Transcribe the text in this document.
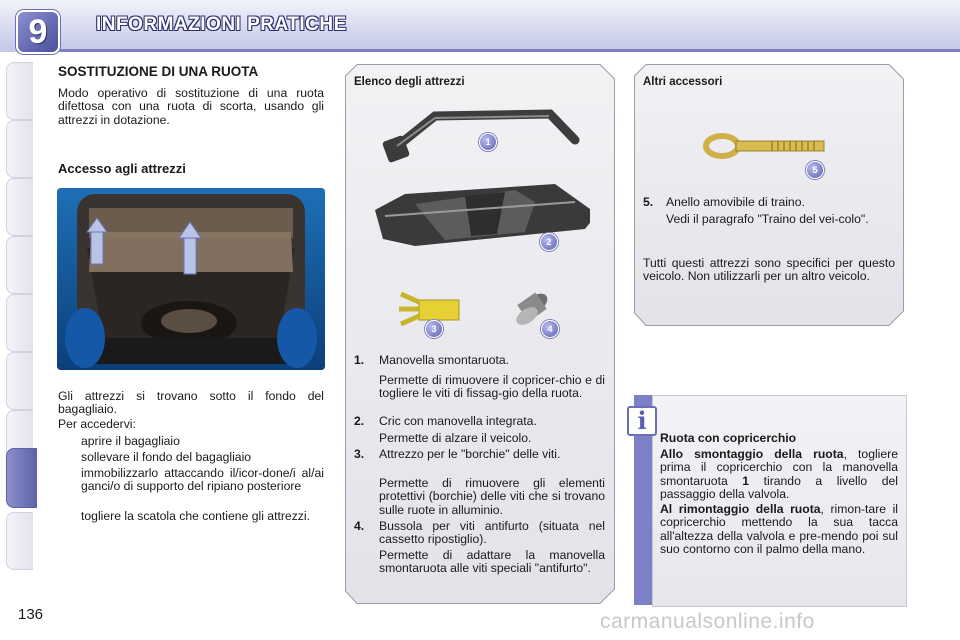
9	INFORMAZIONI PRATICHE
SOSTITUZIONE DI UNA RUOTA
Modo operativo di sostituzione di una ruota difettosa con una ruota di scorta, usando gli attrezzi in dotazione.
Accesso agli attrezzi
Gli attrezzi si trovano sotto il fondo del bagagliaio.
Per accedervi:
aprire il bagagliaio
sollevare il fondo del bagagliaio
immobilizzarlo attaccando il/icor-done/i al/ai ganci/o di supporto del ripiano posteriore
togliere la scatola che contiene gli attrezzi.
136
Elenco degli attrezzi
1
2
3	4
1. Manovella smontaruota.
Permette di rimuovere il copricer-chio e di togliere le viti di fissag-gio della ruota.
2. Cric con manovella integrata.
Permette di alzare il veicolo.
3. Attrezzo per le "borchie" delle viti.
Permette di rimuovere gli elementi protettivi (borchie) delle viti che si trovano sulle ruote in alluminio.
4. Bussola per viti antifurto (situata nel cassetto ripostiglio).
Permette di adattare la manovella smontaruota alle viti speciali "antifurto".
Altri accessori
5
5. Anello amovibile di traino.
Vedi il paragrafo "Traino del vei-colo".
Tutti questi attrezzi sono specifici per questo veicolo. Non utilizzarli per un altro veicolo.
i
Ruota con copricerchio
Allo smontaggio della ruota, togliere prima il copricerchio con la manovella smontaruota 1 tirando a livello del passaggio della valvola.
Al rimontaggio della ruota, rimon-tare il copricerchio mettendo la sua tacca all'altezza della valvola e pre-mendo poi sul suo contorno con il palmo della mano.
carmanualsonline.info
